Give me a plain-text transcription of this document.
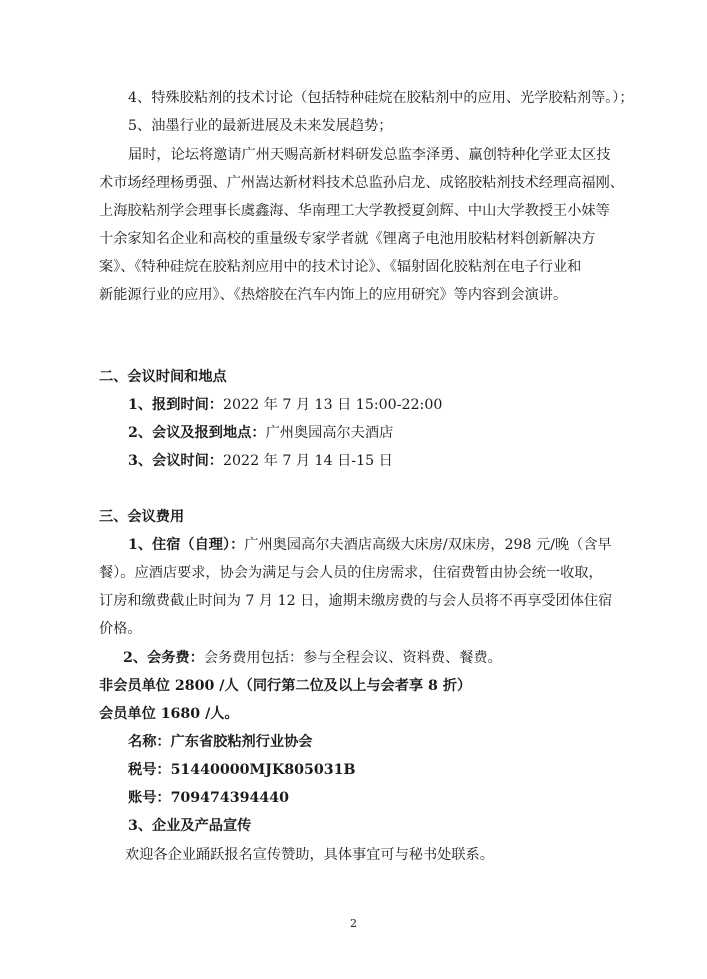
4、特殊胶粘剂的技术讨论（包括特种硅烷在胶粘剂中的应用、光学胶粘剂等。）；
5、油墨行业的最新进展及未来发展趋势；
届时，论坛将邀请广州天赐高新材料研发总监李泽勇、赢创特种化学亚太区技
术市场经理杨勇强、广州嵩达新材料技术总监孙启龙、成铭胶粘剂技术经理高福刚、
上海胶粘剂学会理事长虞鑫海、华南理工大学教授夏剑辉、中山大学教授王小妹等
十余家知名企业和高校的重量级专家学者就《锂离子电池用胶粘材料创新解决方
案》、《特种硅烷在胶粘剂应用中的技术讨论》、《辐射固化胶粘剂在电子行业和
新能源行业的应用》、《热熔胶在汽车内饰上的应用研究》等内容到会演讲。
二、会议时间和地点
1、报到时间：2022 年 7 月 13 日 15:00-22:00
2、会议及报到地点：广州奥园高尔夫酒店
3、会议时间：2022 年 7 月 14 日-15 日
三、会议费用
1、住宿（自理）：广州奥园高尔夫酒店高级大床房/双床房，298 元/晚（含早
餐）。应酒店要求，协会为满足与会人员的住房需求，住宿费暂由协会统一收取，
订房和缴费截止时间为 7 月 12 日，逾期未缴房费的与会人员将不再享受团体住宿
价格。
2、会务费：会务费用包括：参与全程会议、资料费、餐费。
非会员单位 2800 /人（同行第二位及以上与会者享 8 折）
会员单位 1680 /人。
名称：广东省胶粘剂行业协会
税号：51440000MJK805031B
账号：709474394440
3、企业及产品宣传
欢迎各企业踊跃报名宣传赞助，具体事宜可与秘书处联系。
2
